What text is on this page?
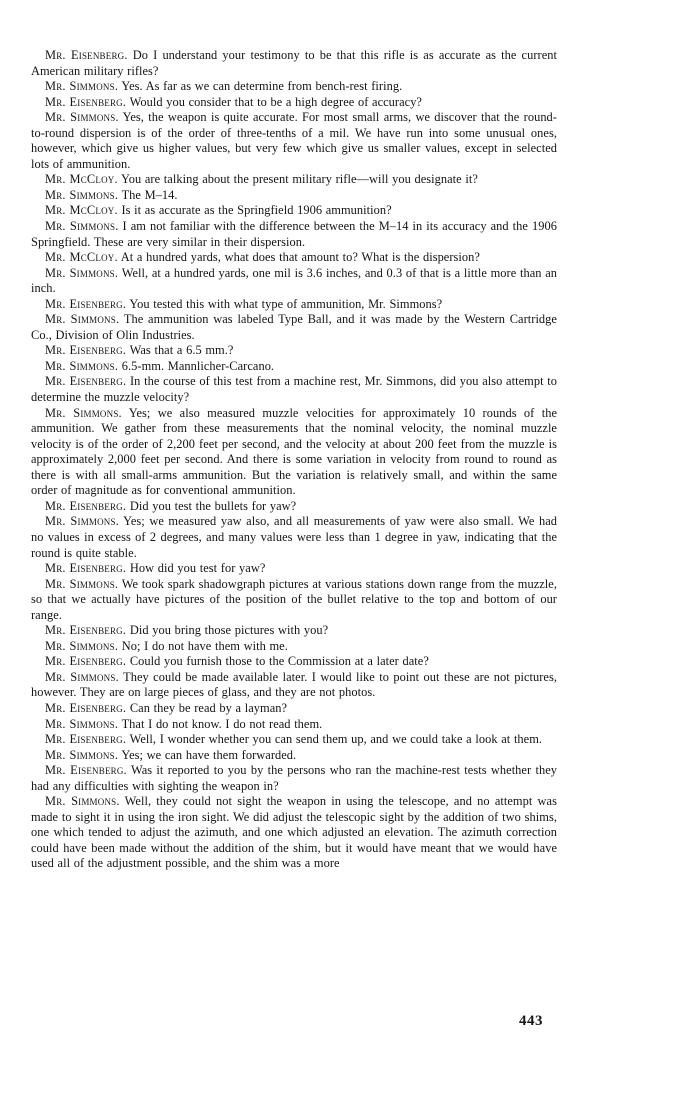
Mr. Eisenberg. Do I understand your testimony to be that this rifle is as accurate as the current American military rifles?

Mr. Simmons. Yes. As far as we can determine from bench-rest firing.

Mr. Eisenberg. Would you consider that to be a high degree of accuracy?

Mr. Simmons. Yes, the weapon is quite accurate. For most small arms, we discover that the round-to-round dispersion is of the order of three-tenths of a mil. We have run into some unusual ones, however, which give us higher values, but very few which give us smaller values, except in selected lots of ammunition.

Mr. McCloy. You are talking about the present military rifle—will you designate it?

Mr. Simmons. The M–14.

Mr. McCloy. Is it as accurate as the Springfield 1906 ammunition?

Mr. Simmons. I am not familiar with the difference between the M–14 in its accuracy and the 1906 Springfield. These are very similar in their dispersion.

Mr. McCloy. At a hundred yards, what does that amount to? What is the dispersion?

Mr. Simmons. Well, at a hundred yards, one mil is 3.6 inches, and 0.3 of that is a little more than an inch.

Mr. Eisenberg. You tested this with what type of ammunition, Mr. Simmons?

Mr. Simmons. The ammunition was labeled Type Ball, and it was made by the Western Cartridge Co., Division of Olin Industries.

Mr. Eisenberg. Was that a 6.5 mm.?

Mr. Simmons. 6.5-mm. Mannlicher-Carcano.

Mr. Eisenberg. In the course of this test from a machine rest, Mr. Simmons, did you also attempt to determine the muzzle velocity?

Mr. Simmons. Yes; we also measured muzzle velocities for approximately 10 rounds of the ammunition. We gather from these measurements that the nominal velocity, the nominal muzzle velocity is of the order of 2,200 feet per second, and the velocity at about 200 feet from the muzzle is approximately 2,000 feet per second. And there is some variation in velocity from round to round as there is with all small-arms ammunition. But the variation is relatively small, and within the same order of magnitude as for conventional ammunition.

Mr. Eisenberg. Did you test the bullets for yaw?

Mr. Simmons. Yes; we measured yaw also, and all measurements of yaw were also small. We had no values in excess of 2 degrees, and many values were less than 1 degree in yaw, indicating that the round is quite stable.

Mr. Eisenberg. How did you test for yaw?

Mr. Simmons. We took spark shadowgraph pictures at various stations down range from the muzzle, so that we actually have pictures of the position of the bullet relative to the top and bottom of our range.

Mr. Eisenberg. Did you bring those pictures with you?

Mr. Simmons. No; I do not have them with me.

Mr. Eisenberg. Could you furnish those to the Commission at a later date?

Mr. Simmons. They could be made available later. I would like to point out these are not pictures, however. They are on large pieces of glass, and they are not photos.

Mr. Eisenberg. Can they be read by a layman?

Mr. Simmons. That I do not know. I do not read them.

Mr. Eisenberg. Well, I wonder whether you can send them up, and we could take a look at them.

Mr. Simmons. Yes; we can have them forwarded.

Mr. Eisenberg. Was it reported to you by the persons who ran the machine-rest tests whether they had any difficulties with sighting the weapon in?

Mr. Simmons. Well, they could not sight the weapon in using the telescope, and no attempt was made to sight it in using the iron sight. We did adjust the telescopic sight by the addition of two shims, one which tended to adjust the azimuth, and one which adjusted an elevation. The azimuth correction could have been made without the addition of the shim, but it would have meant that we would have used all of the adjustment possible, and the shim was a more

443
